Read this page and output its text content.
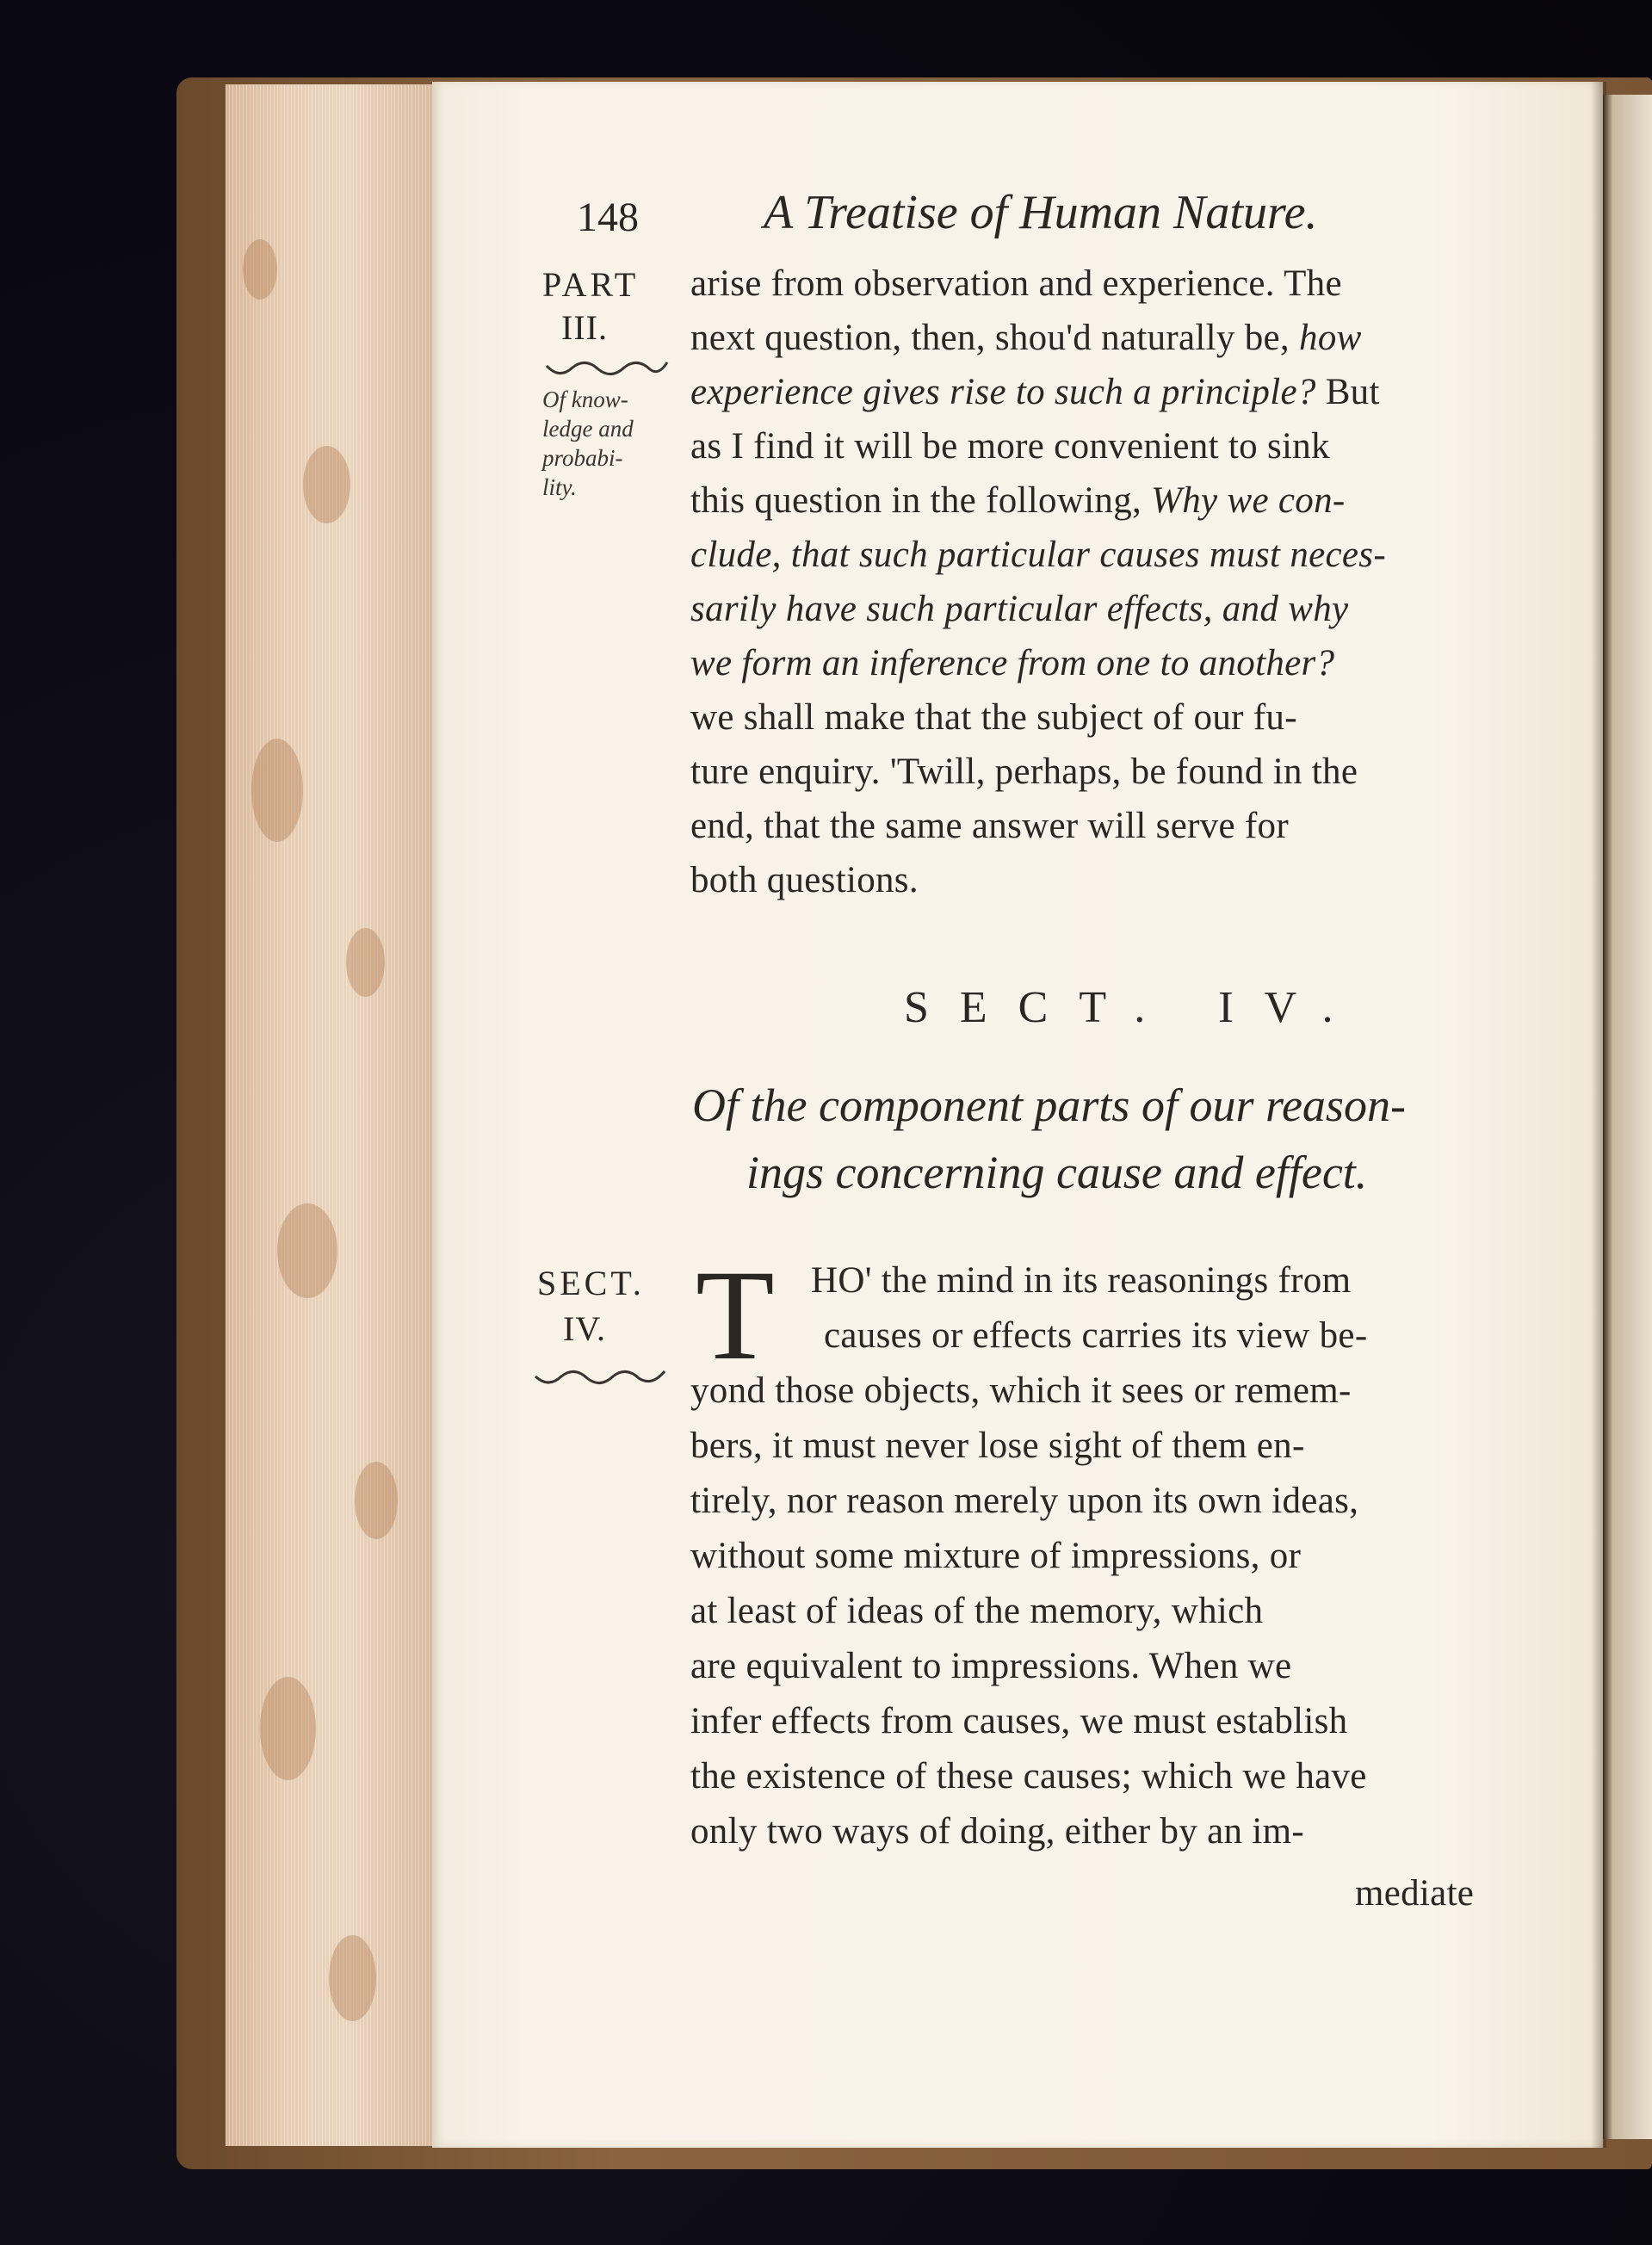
148	A Treatise of Human Nature.
PART
III.
Of know-
ledge and
probabi-
lity.
arise from observation and experience. The
next question, then, shou'd naturally be, how
experience gives rise to such a principle? But
as I find it will be more convenient to sink
this question in the following, Why we con-
clude, that such particular causes must neces-
sarily have such particular effects, and why
we form an inference from one to another?
we shall make that the subject of our fu-
ture enquiry. 'Twill, perhaps, be found in the
end, that the same answer will serve for
both questions.
SECT. IV.
Of the component parts of our reason-
ings concerning cause and effect.
SECT.
IV. T HO' the mind in its reasonings from
causes or effects carries its view be-
yond those objects, which it sees or remem-
bers, it must never lose sight of them en-
tirely, nor reason merely upon its own ideas,
without some mixture of impressions, or
at least of ideas of the memory, which
are equivalent to impressions. When we
infer effects from causes, we must establish
the existence of these causes; which we have
only two ways of doing, either by an im-
mediate
